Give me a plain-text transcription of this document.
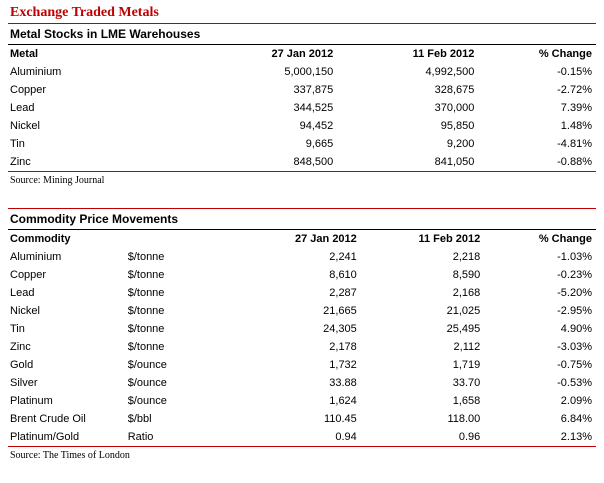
Exchange Traded Metals
Metal Stocks in LME Warehouses
Metal	27 Jan 2012	11 Feb 2012	% Change
Aluminium	5,000,150	4,992,500	-0.15%
Copper	337,875	328,675	-2.72%
Lead	344,525	370,000	7.39%
Nickel	94,452	95,850	1.48%
Tin	9,665	9,200	-4.81%
Zinc	848,500	841,050	-0.88%
Source: Mining Journal
Commodity Price Movements
Commodity		27 Jan 2012	11 Feb 2012	% Change
Aluminium	$/tonne	2,241	2,218	-1.03%
Copper	$/tonne	8,610	8,590	-0.23%
Lead	$/tonne	2,287	2,168	-5.20%
Nickel	$/tonne	21,665	21,025	-2.95%
Tin	$/tonne	24,305	25,495	4.90%
Zinc	$/tonne	2,178	2,112	-3.03%
Gold	$/ounce	1,732	1,719	-0.75%
Silver	$/ounce	33.88	33.70	-0.53%
Platinum	$/ounce	1,624	1,658	2.09%
Brent Crude Oil	$/bbl	110.45	118.00	6.84%
Platinum/Gold	Ratio	0.94	0.96	2.13%
Source: The Times of London
